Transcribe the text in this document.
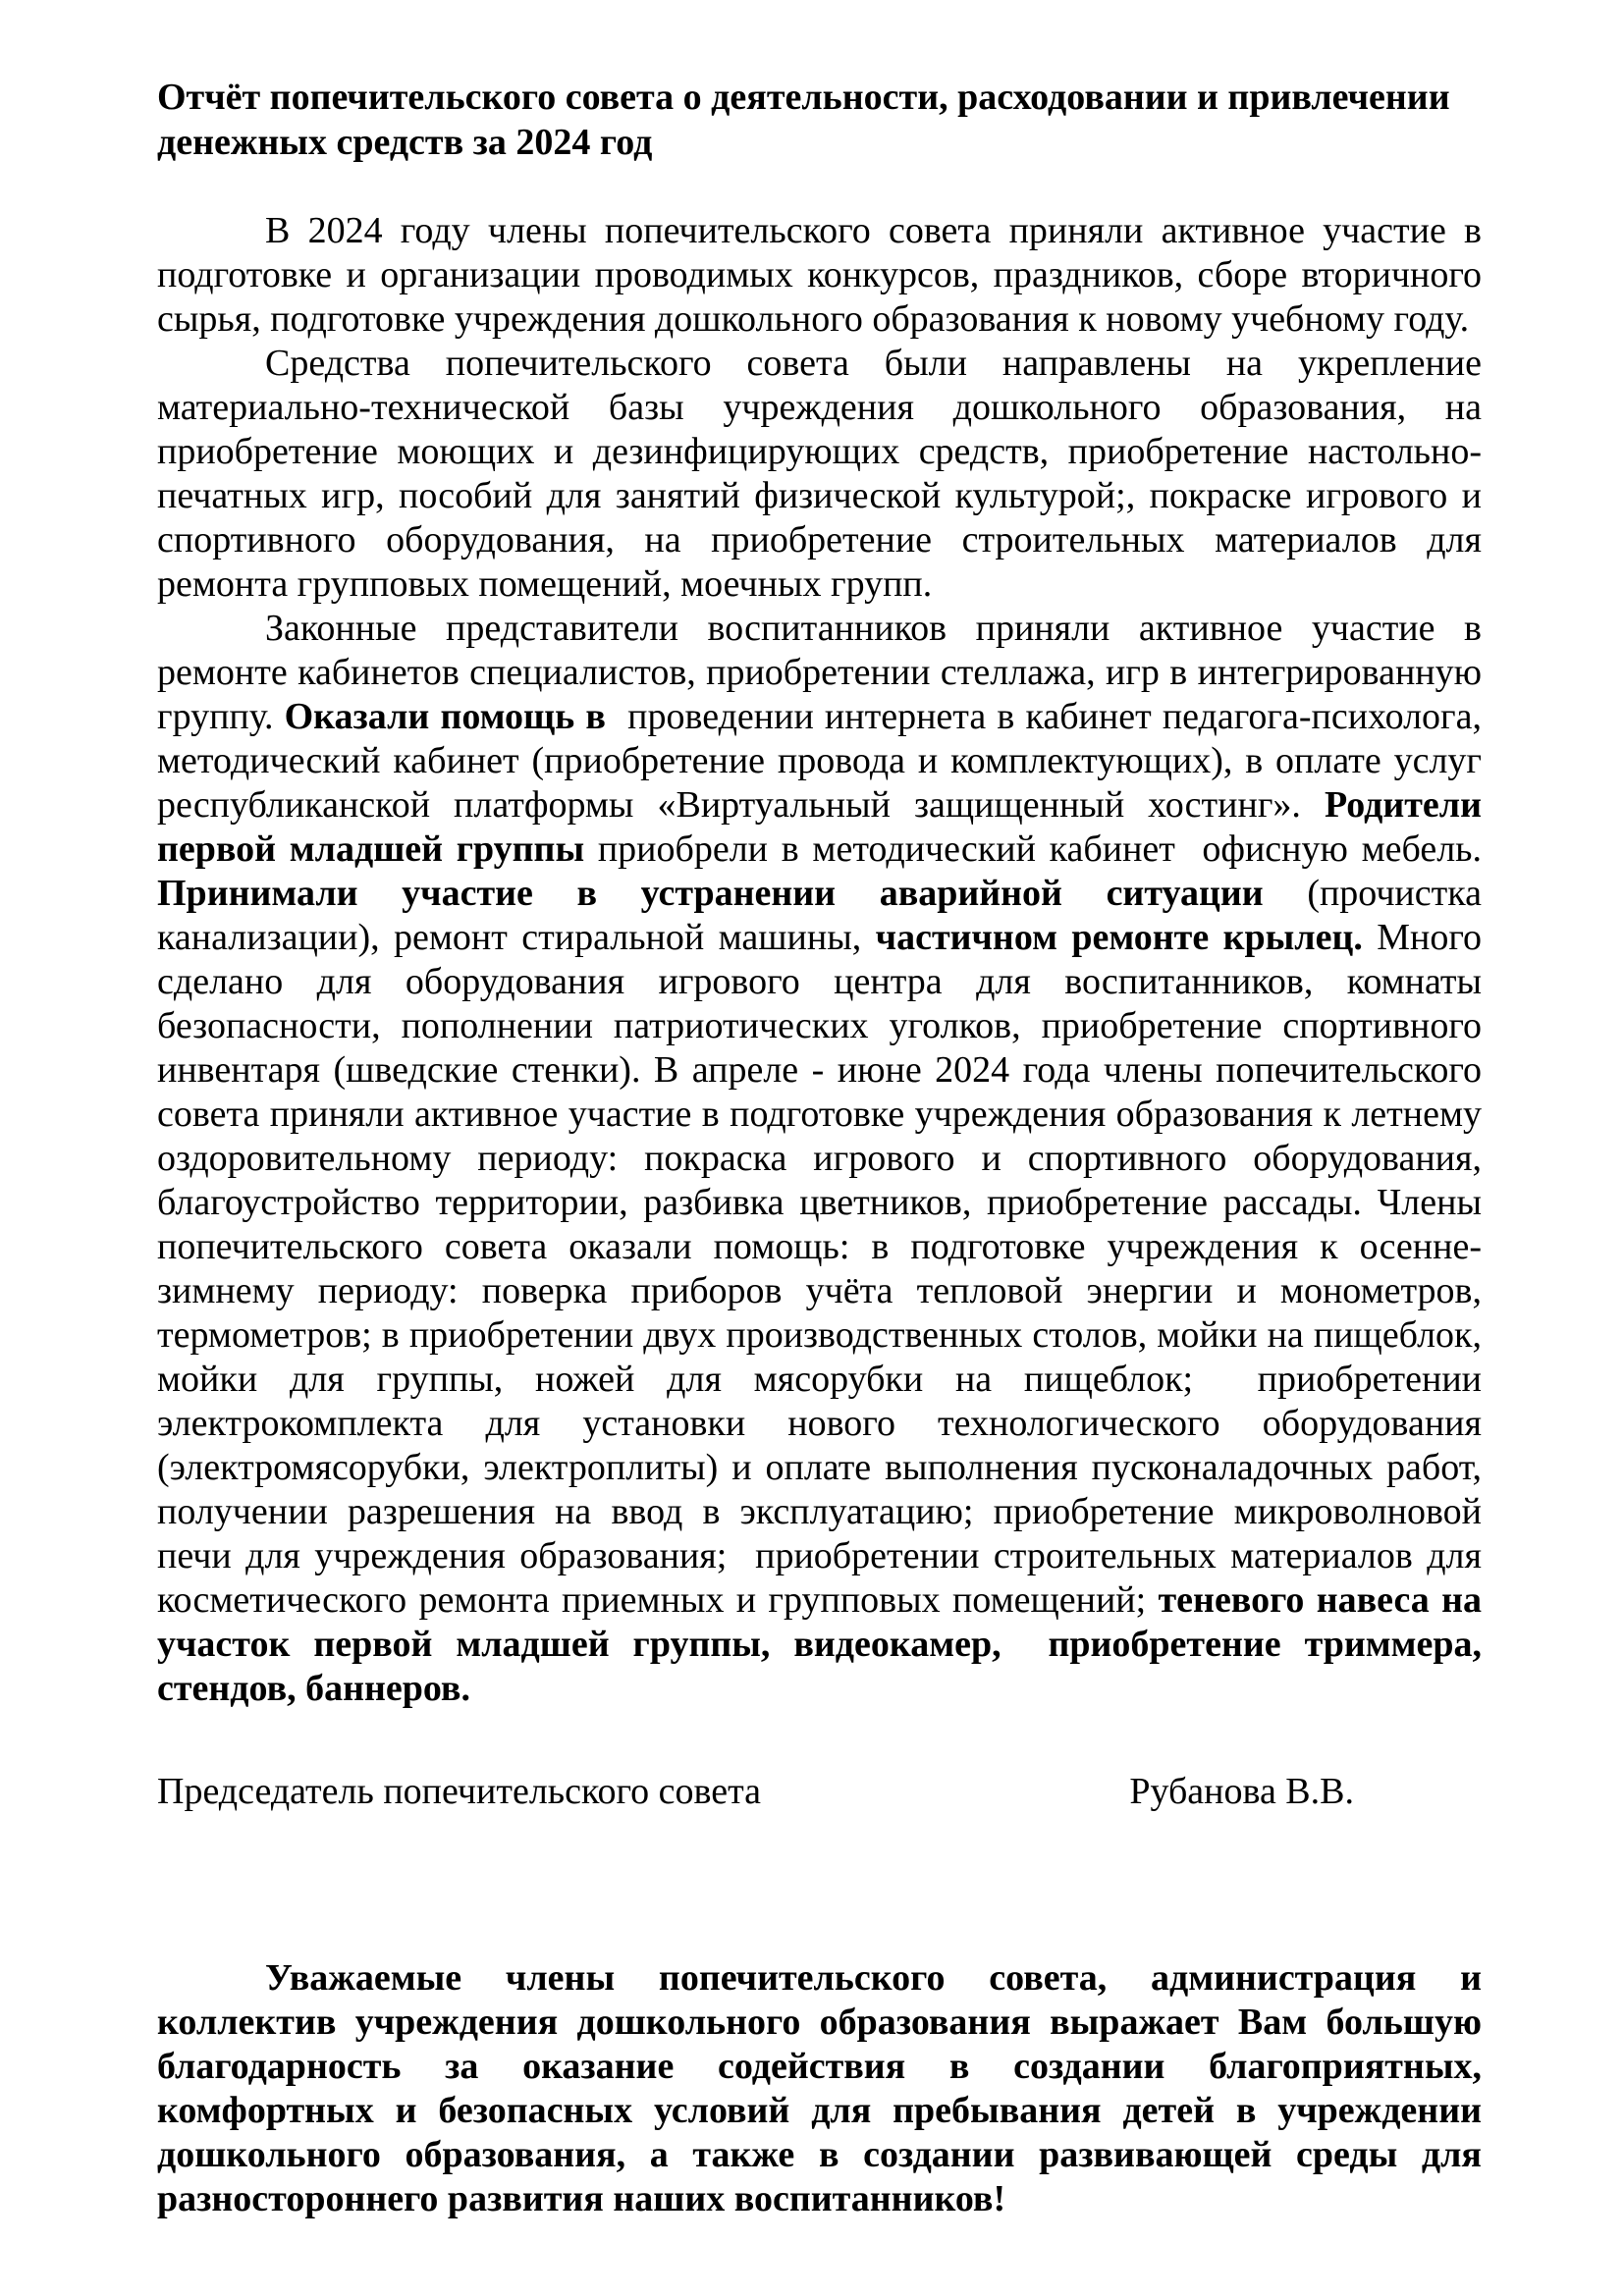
Отчёт попечительского совета о деятельности, расходовании и привлечении денежных средств за 2024 год

В 2024 году члены попечительского совета приняли активное участие в подготовке и организации проводимых конкурсов, праздников, сборе вторичного сырья, подготовке учреждения дошкольного образования к новому учебному году.

Средства попечительского совета были направлены на укрепление материально-технической базы учреждения дошкольного образования, на приобретение моющих и дезинфицирующих средств, приобретение настольно-печатных игр, пособий для занятий физической культурой;, покраске игрового и спортивного оборудования, на приобретение строительных материалов для ремонта групповых помещений, моечных групп.

Законные представители воспитанников приняли активное участие в ремонте кабинетов специалистов, приобретении стеллажа, игр в интегрированную группу. Оказали помощь в  проведении интернета в кабинет педагога-психолога, методический кабинет (приобретение провода и комплектующих), в оплате услуг республиканской платформы «Виртуальный защищенный хостинг». Родители первой младшей группы приобрели в методический кабинет  офисную мебель.  Принимали участие в устранении аварийной ситуации (прочистка канализации), ремонт стиральной машины, частичном ремонте крылец. Много сделано для оборудования игрового центра для воспитанников, комнаты безопасности, пополнении патриотических уголков, приобретение спортивного инвентаря (шведские стенки). В апреле - июне 2024 года члены попечительского совета приняли активное участие в подготовке учреждения образования к летнему оздоровительному периоду: покраска игрового и спортивного оборудования, благоустройство территории, разбивка цветников, приобретение рассады. Члены попечительского совета оказали помощь: в подготовке учреждения к осенне-зимнему периоду: поверка приборов учёта тепловой энергии и монометров, термометров; в приобретении двух производственных столов, мойки на пищеблок, мойки для группы, ножей для мясорубки на пищеблок;  приобретении электрокомплекта для установки нового технологического оборудования (электромясорубки, электроплиты) и оплате выполнения пусконаладочных работ, получении разрешения на ввод в эксплуатацию; приобретение микроволновой печи для учреждения образования;  приобретении строительных материалов для косметического ремонта приемных и групповых помещений; теневого навеса на участок первой младшей группы, видеокамер,  приобретение триммера,  стендов, баннеров.

Председатель попечительского совета	Рубанова В.В.

Уважаемые члены попечительского совета, администрация и коллектив учреждения дошкольного образования выражает Вам большую благодарность за оказание содействия в создании благоприятных, комфортных и безопасных условий для пребывания детей в учреждении дошкольного образования, а также в создании развивающей среды для  разностороннего развития наших воспитанников!
